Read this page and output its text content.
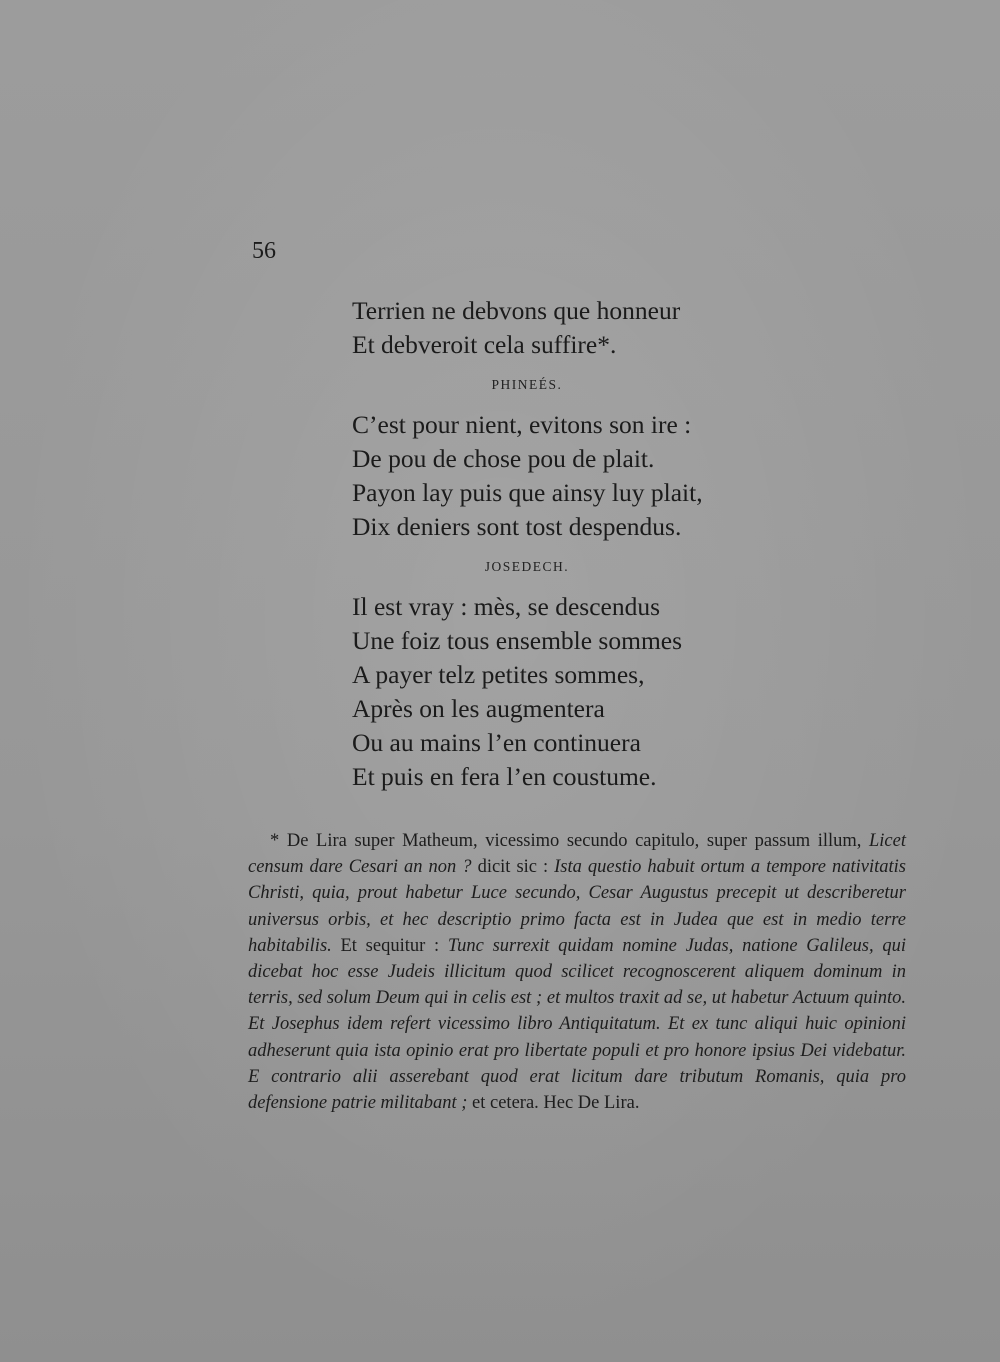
56
Terrien ne debvons que honneur
Et debveroit cela suffire*.
PHINEÉS.
C’est pour nient, evitons son ire :
De pou de chose pou de plait.
Payon lay puis que ainsy luy plait,
Dix deniers sont tost despendus.
JOSEDECH.
Il est vray : mès, se descendus
Une foiz tous ensemble sommes
A payer telz petites sommes,
Après on les augmentera
Ou au mains l’en continuera
Et puis en fera l’en coustume.
* De Lira super Matheum, vicessimo secundo capitulo, super passum illum, Licet censum dare Cesari an non ? dicit sic : Ista questio habuit ortum a tempore nativitatis Christi, quia, prout habetur Luce secundo, Cesar Augustus precepit ut describeretur universus orbis, et hec descriptio primo facta est in Judea que est in medio terre habitabilis. Et sequitur : Tunc surrexit quidam nomine Judas, natione Galileus, qui dicebat hoc esse Judeis illicitum quod scilicet recognoscerent aliquem dominum in terris, sed solum Deum qui in celis est ; et multos traxit ad se, ut habetur Actuum quinto. Et Josephus idem refert vicessimo libro Antiquitatum. Et ex tunc aliqui huic opinioni adheserunt quia ista opinio erat pro libertate populi et pro honore ipsius Dei videbatur. E contrario alii asserebant quod erat licitum dare tributum Romanis, quia pro defensione patrie militabant ; et cetera. Hec De Lira.
